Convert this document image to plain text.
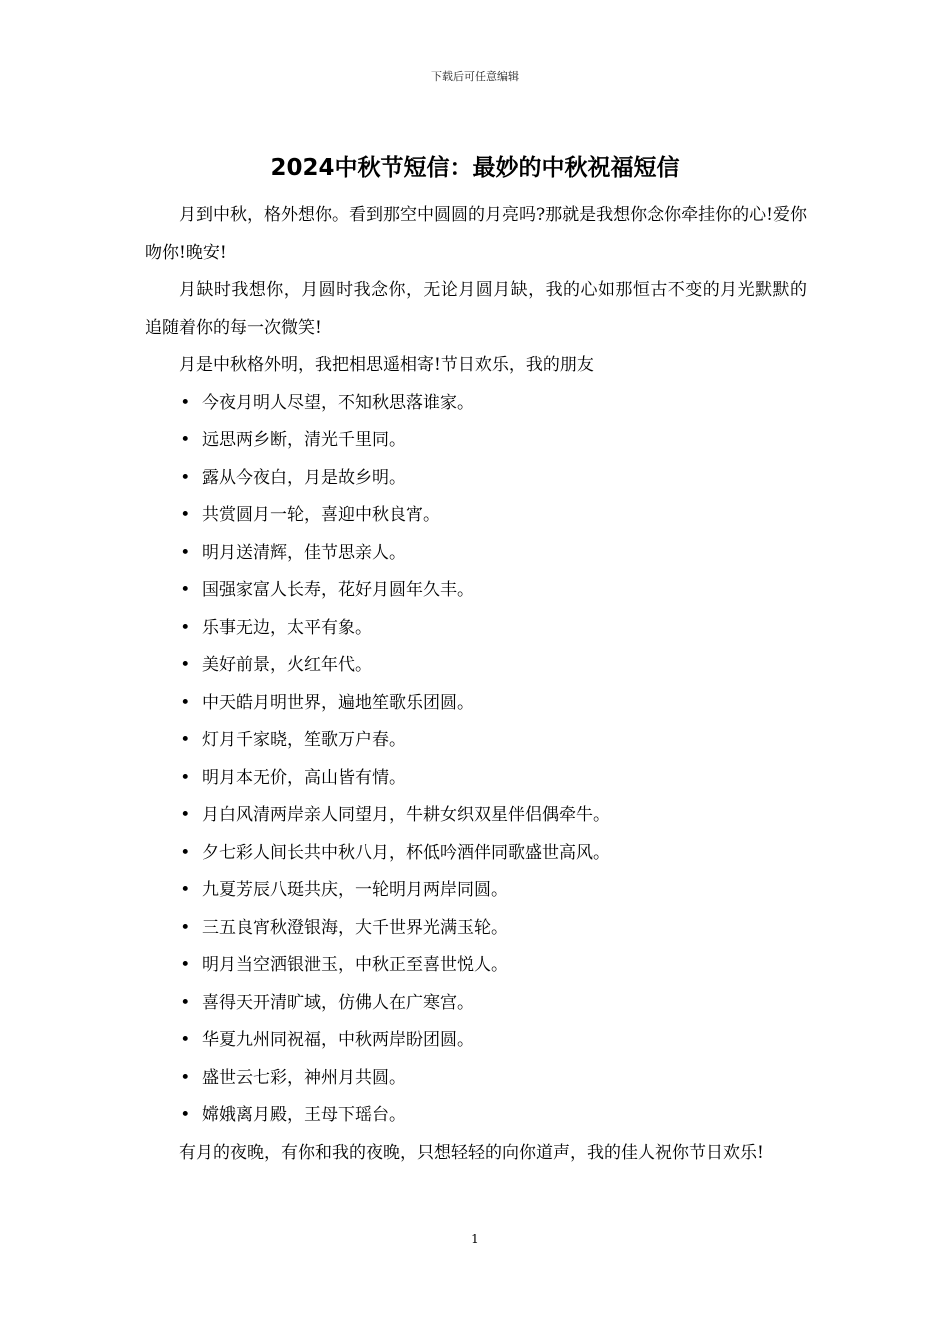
下载后可任意编辑
2024中秋节短信：最妙的中秋祝福短信

月到中秋，格外想你。看到那空中圆圆的月亮吗?那就是我想你念你牵挂你的心!爱你吻你!晚安!

月缺时我想你，月圆时我念你，无论月圆月缺，我的心如那恒古不变的月光默默的追随着你的每一次微笑!

月是中秋格外明，我把相思遥相寄!节日欢乐，我的朋友

• 今夜月明人尽望，不知秋思落谁家。

• 远思两乡断，清光千里同。

• 露从今夜白，月是故乡明。

• 共赏圆月一轮，喜迎中秋良宵。

• 明月送清辉，佳节思亲人。

• 国强家富人长寿，花好月圆年久丰。

• 乐事无边，太平有象。

• 美好前景，火红年代。

• 中天皓月明世界，遍地笙歌乐团圆。

• 灯月千家晓，笙歌万户春。

• 明月本无价，高山皆有情。

• 月白风清两岸亲人同望月，牛耕女织双星伴侣偶牵牛。

• 夕七彩人间长共中秋八月，杯低吟酒伴同歌盛世高风。

• 九夏芳辰八珽共庆，一轮明月两岸同圆。

• 三五良宵秋澄银海，大千世界光满玉轮。

• 明月当空洒银泄玉，中秋正至喜世悦人。

• 喜得天开清旷域，仿佛人在广寒宫。

• 华夏九州同祝福，中秋两岸盼团圆。

• 盛世云七彩，神州月共圆。

• 嫦娥离月殿，王母下瑶台。

有月的夜晚，有你和我的夜晚，只想轻轻的向你道声，我的佳人祝你节日欢乐!

1
